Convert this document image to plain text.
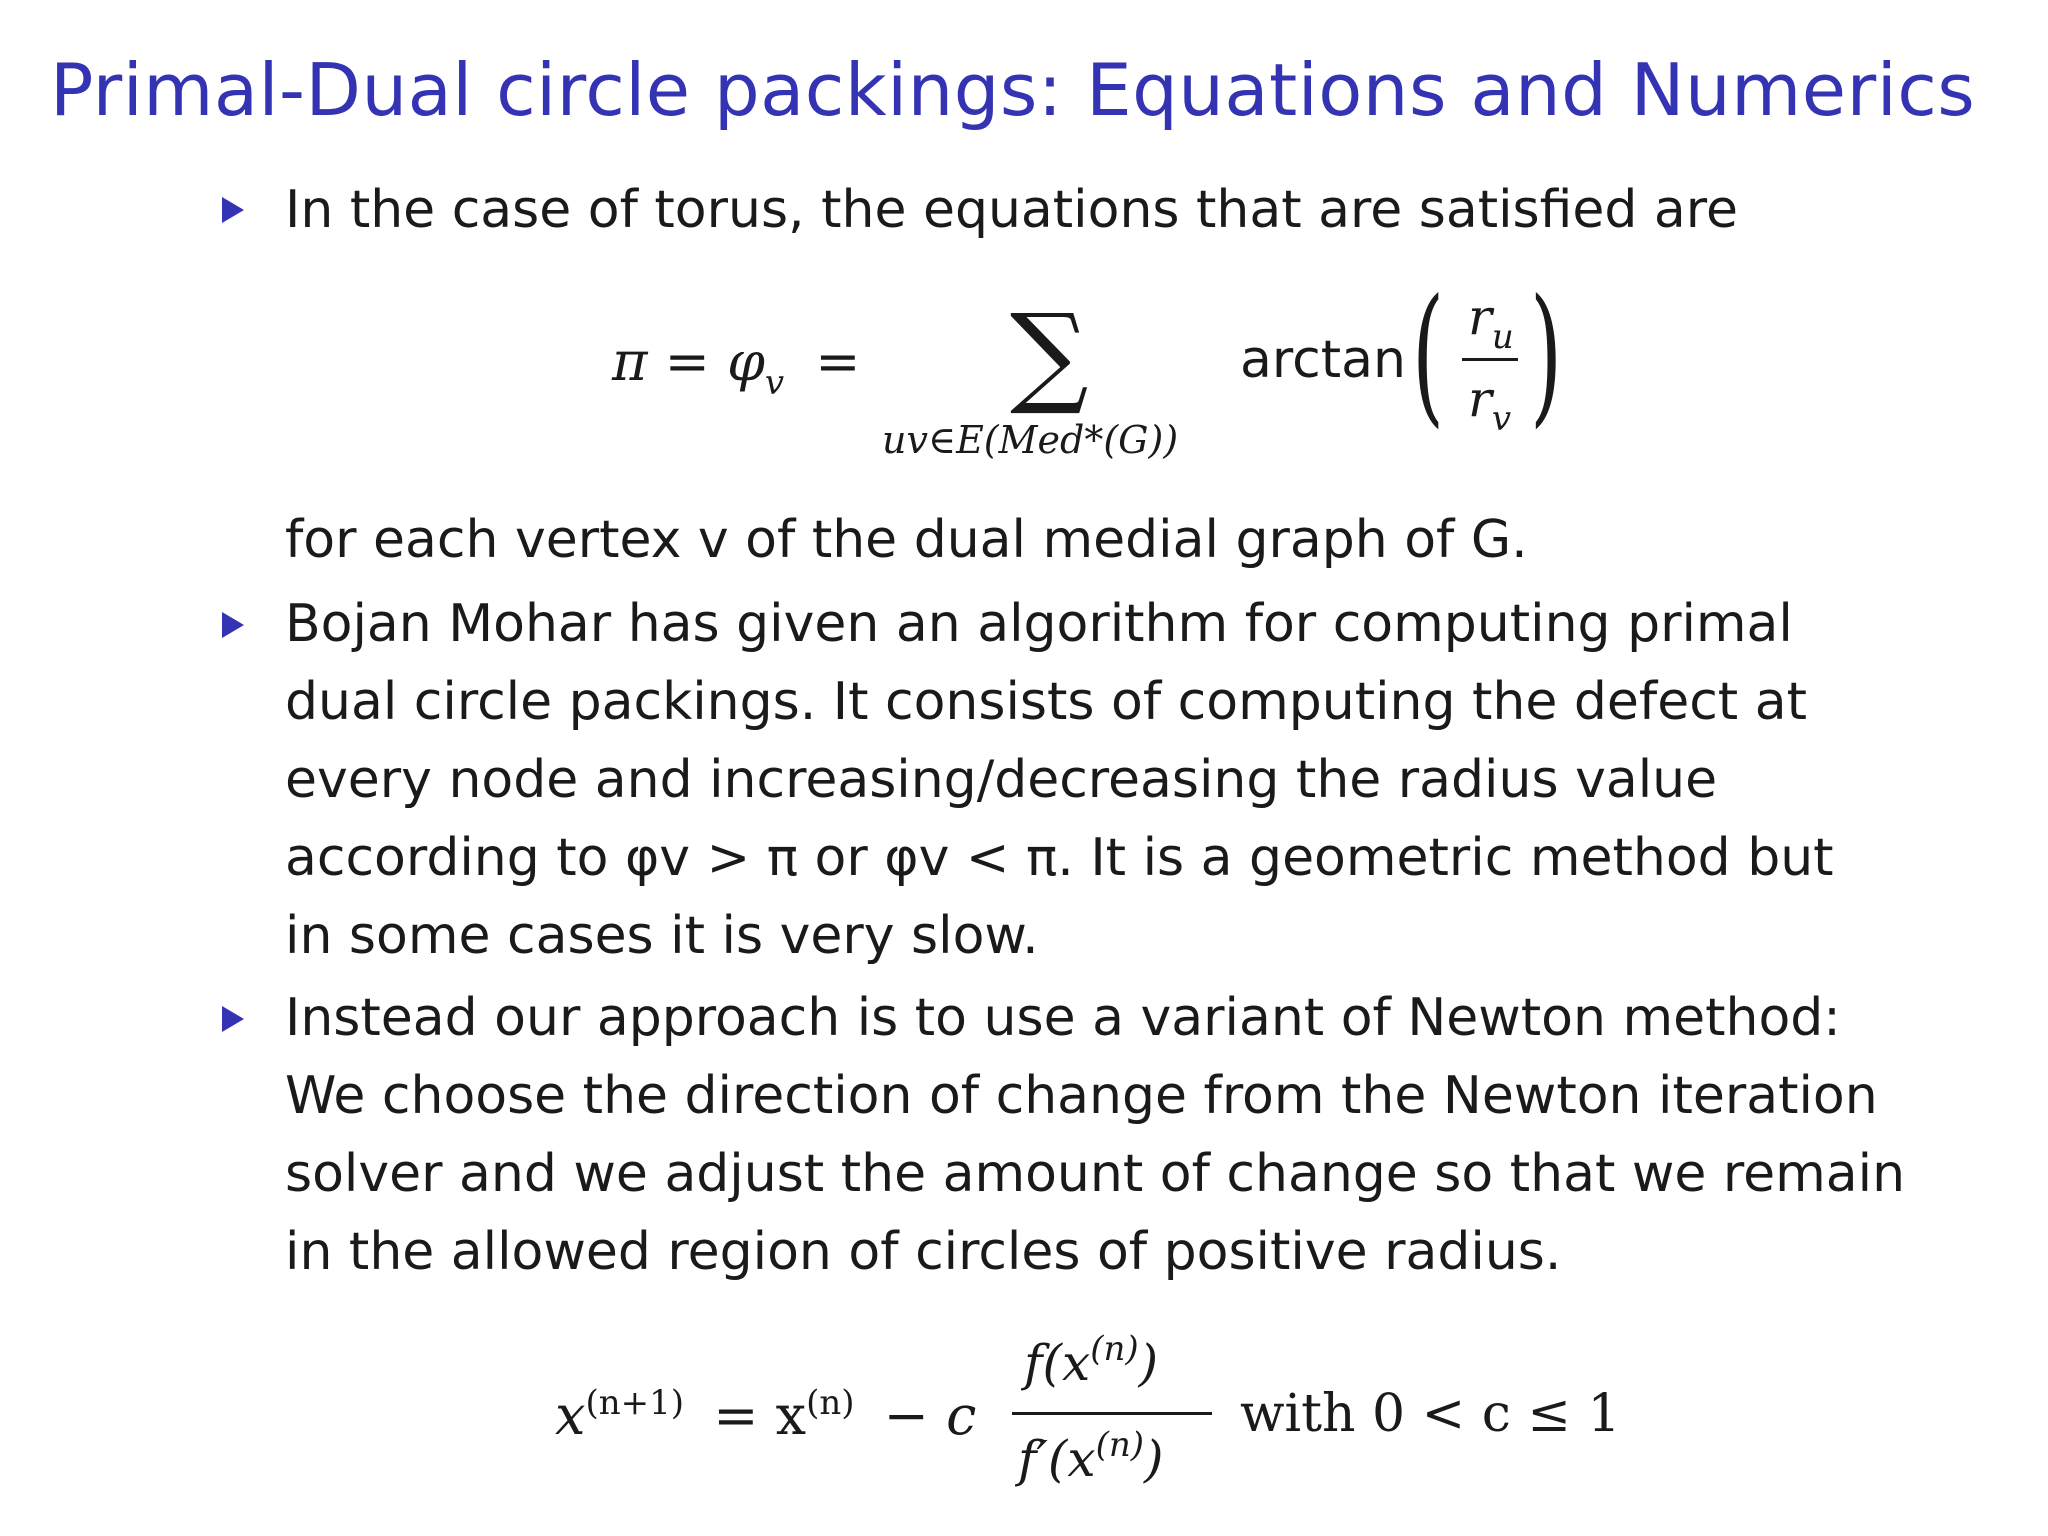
Primal-Dual circle packings: Equations and Numerics
In the case of torus, the equations that are satisfied are
$\pi = \varphi_v$ = ∑
uv∈E(Med*(G))
arctan ( $r_u$
$r_v$ )
for each vertex v of the dual medial graph of G.
Bojan Mohar has given an algorithm for computing primal
dual circle packings. It consists of computing the defect at
every node and increasing/decreasing the radius value
according to φv > π or φv < π. It is a geometric method but
in some cases it is very slow.
Instead our approach is to use a variant of Newton method:
We choose the direction of change from the Newton iteration
solver and we adjust the amount of change so that we remain
in the allowed region of circles of positive radius.
$x^{(n+1)} = x^{(n)} - c$
$f(x^{(n)})$
$f'(x^{(n)})$
with 0 < c ≤ 1
